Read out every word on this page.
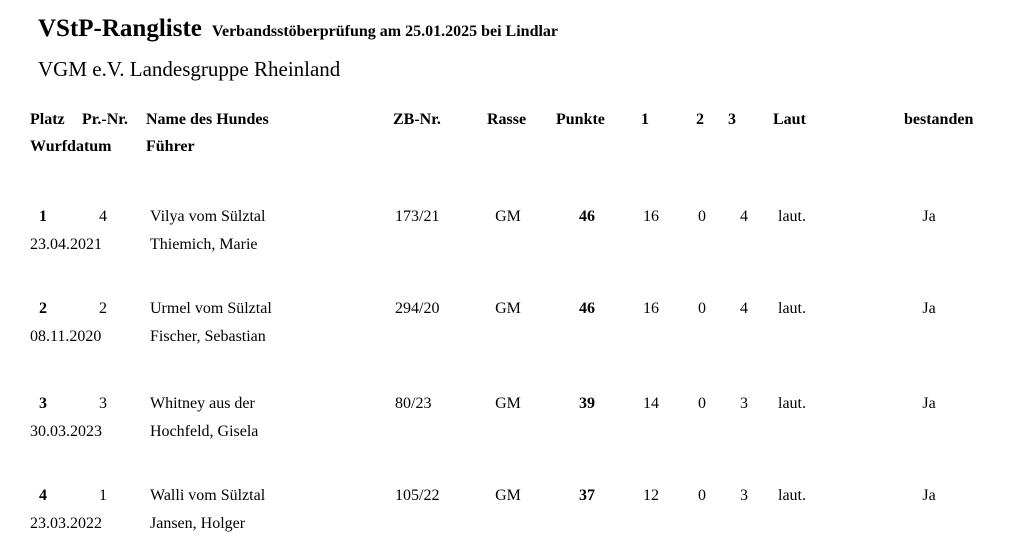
VStP-Rangliste Verbandsstöberprüfung am 25.01.2025 bei Lindlar
VGM e.V. Landesgruppe Rheinland
Platz Pr.-Nr. Name des Hundes	ZB-Nr.	Rasse Punkte 1	2 3 Laut	bestanden
Wurfdatum Führer
1	4	Vilya vom Sülztal	173/21	GM	46	16 0 4 laut.	Ja
23.04.2021	Thiemich, Marie
2	2	Urmel vom Sülztal	294/20	GM	46	16 0 4 laut.	Ja
08.11.2020	Fischer, Sebastian
3	3	Whitney aus der	80/23	GM	39	14 0 3 laut.	Ja
30.03.2023	Hochfeld, Gisela
4	1	Walli vom Sülztal	105/22	GM	37	12 0 3 laut.	Ja
23.03.2022	Jansen, Holger
